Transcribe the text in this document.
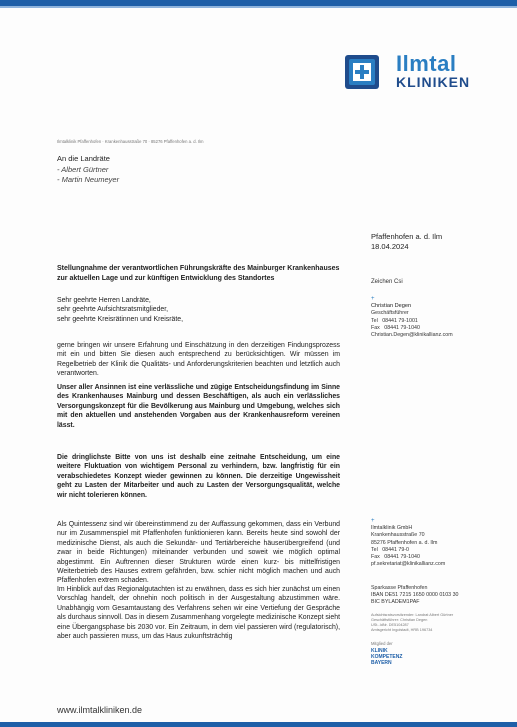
Ilmtal
KLINIKEN
Ilmtalklinik Pfaffenhofen · Krankenhausstraße 70 · 85276 Pfaffenhofen a. d. Ilm
An die Landräte
- Albert Gürtner
- Martin Neumeyer
Pfaffenhofen a. d. Ilm
18.04.2024
Stellungnahme der verantwortlichen Führungskräfte des Mainburger Krankenhauses zur aktuellen Lage und zur künftigen Entwicklung des Standortes
Sehr geehrte Herren Landräte,
sehr geehrte Aufsichtsratsmitglieder,
sehr geehrte Kreisrätinnen und Kreisräte,
gerne bringen wir unsere Erfahrung und Einschätzung in den derzeitigen Findungsprozess mit ein und bitten Sie diesen auch entsprechend zu berücksichtigen. Wir müssen im Regelbetrieb der Klinik die Qualitäts- und Anforderungskriterien beachten und letztlich auch verantworten.
Unser aller Ansinnen ist eine verlässliche und zügige Entscheidungsfindung im Sinne des Krankenhauses Mainburg und dessen Beschäftigen, als auch ein verlässliches Versorgungskonzept für die Bevölkerung aus Mainburg und Umgebung, welches sich mit den aktuellen und anstehenden Vorgaben aus der Krankenhausreform vereinen lässt.
Die dringlichste Bitte von uns ist deshalb eine zeitnahe Entscheidung, um eine weitere Fluktuation von wichtigem Personal zu verhindern, bzw. langfristig für ein verabschiedetes Konzept wieder gewinnen zu können. Die derzeitige Ungewissheit geht zu Lasten der Mitarbeiter und auch zu Lasten der Versorgungsqualität, welche wir nicht tolerieren können.
Als Quintessenz sind wir übereinstimmend zu der Auffassung gekommen, dass ein Verbund nur im Zusammenspiel mit Pfaffenhofen funktionieren kann. Bereits heute sind sowohl der medizinische Dienst, als auch die Sekundär- und Tertiärbereiche häuserübergreifend (und zwar in beide Richtungen) miteinander verbunden und soweit wie möglich optimal abgestimmt. Ein Auftrennen dieser Strukturen würde einen kurz- bis mittelfristigen Weiterbetrieb des Hauses extrem gefährden, bzw. schier nicht möglich machen und auch Pfaffenhofen extrem schaden.
Im Hinblick auf das Regionalgutachten ist zu erwähnen, dass es sich hier zunächst um einen Vorschlag handelt, der ohnehin noch politisch in der Ausgestaltung abzustimmen wäre. Unabhängig vom Gesamtaustang des Verfahrens sehen wir eine Vertiefung der Gespräche als durchaus sinnvoll. Das in diesem Zusammenhang vorgelegte medizinische Konzept sieht eine Übergangsphase bis 2030 vor. Ein Zeitraum, in dem viel passieren wird (regulatorisch), aber auch passieren muss, um das Haus zukunftsträchtig
Zeichen Csi
+
Christian Degen
Geschäftsführer
Tel 08441 79-1001
Fax 08441 79-1040
Christian.Degen@klinikallianz.com
+
Ilmtalklinik GmbH
Krankenhausstraße 70
85276 Pfaffenhofen a. d. Ilm
Tel 08441 79-0
Fax 08441 79-1040
pf.sekretariat@klinikallianz.com
Sparkasse Pfaffenhofen
IBAN DE51 7215 1650 0000 0103 30
BIC BYLADEM1PAF
Aufsichtsratsvorsitzender: Landrat Albert Gürtner
Geschäftsführer: Christian Degen
USt.-IdNr. DE5104287
Amtsgericht Ingolstadt, HRB 196734
Mitglied der
KLINIK
KOMPETENZ
BAYERN
www.ilmtalkliniken.de
